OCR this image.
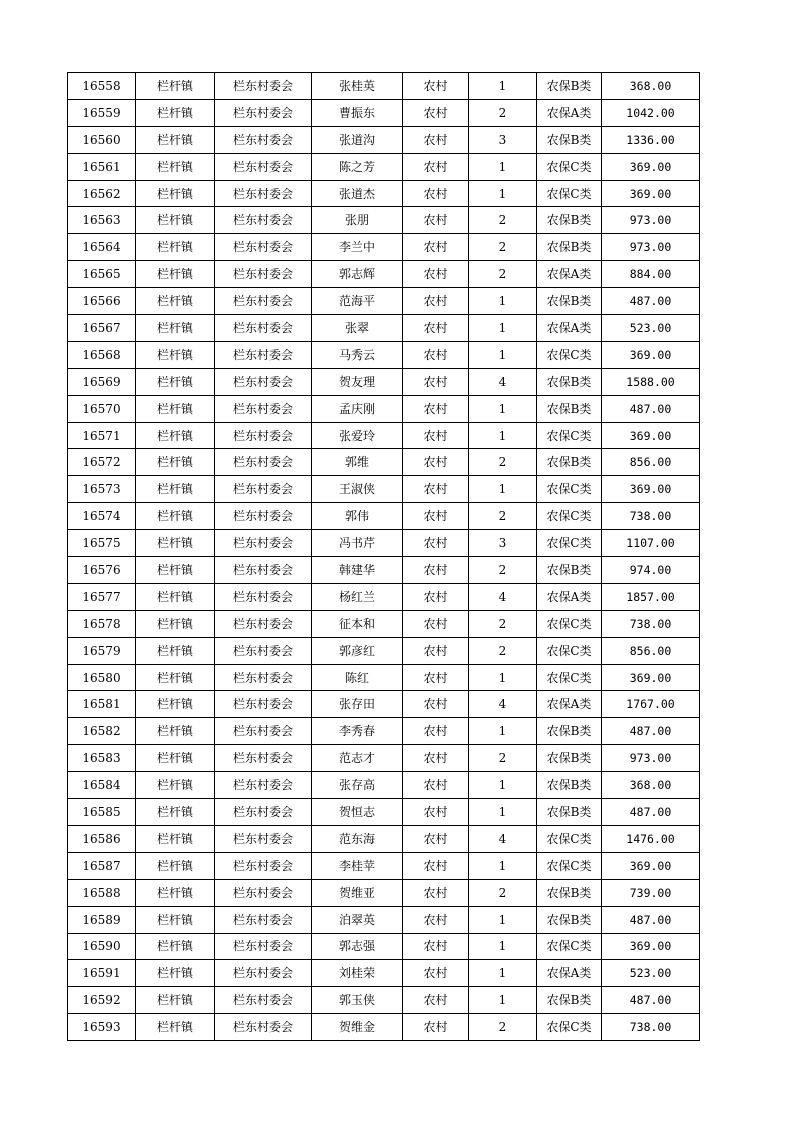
16558	栏杆镇	栏东村委会	张桂英	农村	1	农保B类	368.00
16559	栏杆镇	栏东村委会	曹振东	农村	2	农保A类	1042.00
16560	栏杆镇	栏东村委会	张道沟	农村	3	农保B类	1336.00
16561	栏杆镇	栏东村委会	陈之芳	农村	1	农保C类	369.00
16562	栏杆镇	栏东村委会	张道杰	农村	1	农保C类	369.00
16563	栏杆镇	栏东村委会	张朋	农村	2	农保B类	973.00
16564	栏杆镇	栏东村委会	李兰中	农村	2	农保B类	973.00
16565	栏杆镇	栏东村委会	郭志辉	农村	2	农保A类	884.00
16566	栏杆镇	栏东村委会	范海平	农村	1	农保B类	487.00
16567	栏杆镇	栏东村委会	张翠	农村	1	农保A类	523.00
16568	栏杆镇	栏东村委会	马秀云	农村	1	农保C类	369.00
16569	栏杆镇	栏东村委会	贺友理	农村	4	农保B类	1588.00
16570	栏杆镇	栏东村委会	孟庆刚	农村	1	农保B类	487.00
16571	栏杆镇	栏东村委会	张爱玲	农村	1	农保C类	369.00
16572	栏杆镇	栏东村委会	郭维	农村	2	农保B类	856.00
16573	栏杆镇	栏东村委会	王淑侠	农村	1	农保C类	369.00
16574	栏杆镇	栏东村委会	郭伟	农村	2	农保C类	738.00
16575	栏杆镇	栏东村委会	冯书芹	农村	3	农保C类	1107.00
16576	栏杆镇	栏东村委会	韩建华	农村	2	农保B类	974.00
16577	栏杆镇	栏东村委会	杨红兰	农村	4	农保A类	1857.00
16578	栏杆镇	栏东村委会	征本和	农村	2	农保C类	738.00
16579	栏杆镇	栏东村委会	郭彦红	农村	2	农保C类	856.00
16580	栏杆镇	栏东村委会	陈红	农村	1	农保C类	369.00
16581	栏杆镇	栏东村委会	张存田	农村	4	农保A类	1767.00
16582	栏杆镇	栏东村委会	李秀春	农村	1	农保B类	487.00
16583	栏杆镇	栏东村委会	范志才	农村	2	农保B类	973.00
16584	栏杆镇	栏东村委会	张存高	农村	1	农保B类	368.00
16585	栏杆镇	栏东村委会	贺恒志	农村	1	农保B类	487.00
16586	栏杆镇	栏东村委会	范东海	农村	4	农保C类	1476.00
16587	栏杆镇	栏东村委会	李桂苹	农村	1	农保C类	369.00
16588	栏杆镇	栏东村委会	贺维亚	农村	2	农保B类	739.00
16589	栏杆镇	栏东村委会	泊翠英	农村	1	农保B类	487.00
16590	栏杆镇	栏东村委会	郭志强	农村	1	农保C类	369.00
16591	栏杆镇	栏东村委会	刘桂荣	农村	1	农保A类	523.00
16592	栏杆镇	栏东村委会	郭玉侠	农村	1	农保B类	487.00
16593	栏杆镇	栏东村委会	贺维金	农村	2	农保C类	738.00
